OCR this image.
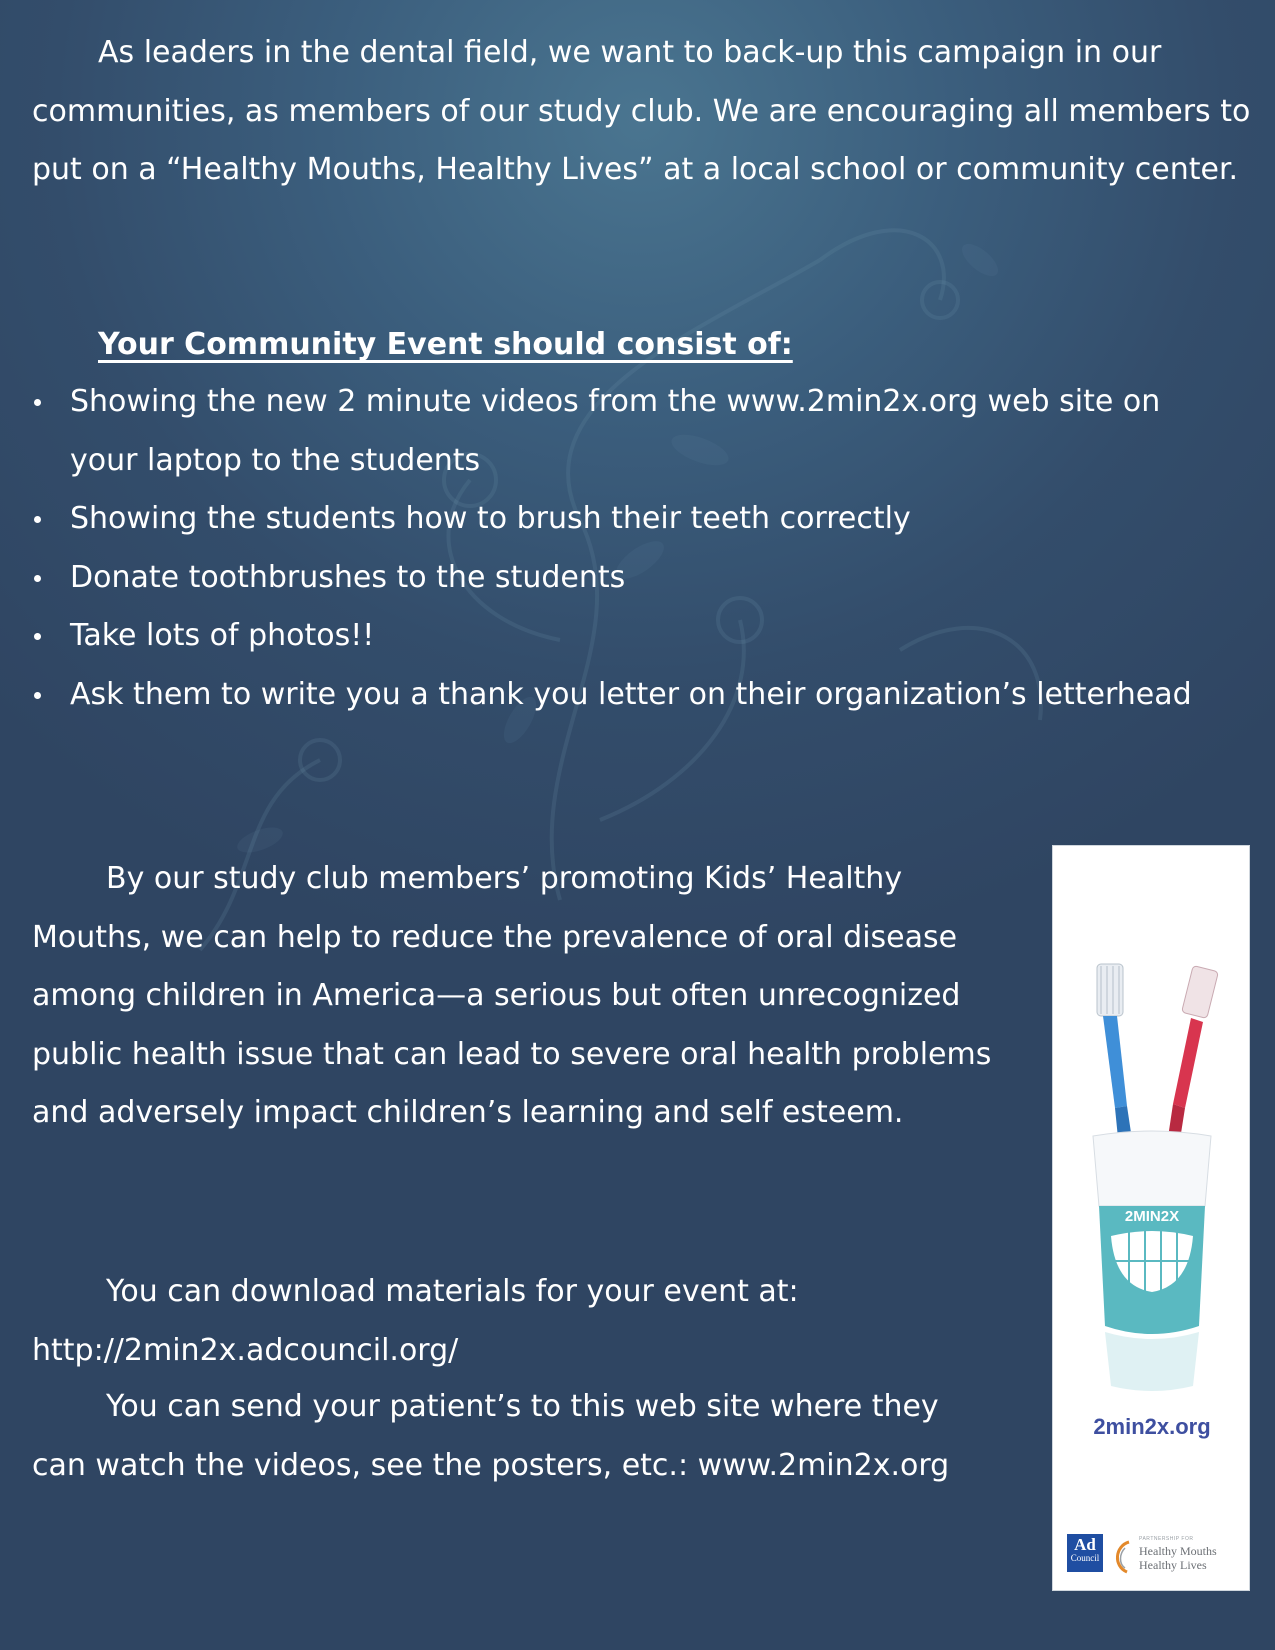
As leaders in the dental field, we want to back-up this campaign in our communities, as members of our study club. We are encouraging all members to put on a “Healthy Mouths, Healthy Lives” at a local school or community center.

Your Community Event should consist of:
Showing the new 2 minute videos from the www.2min2x.org web site on your laptop to the students
Showing the students how to brush their teeth correctly
Donate toothbrushes to the students
Take lots of photos!!
Ask them to write you a thank you letter on their organization’s letterhead

By our study club members’ promoting Kids’ Healthy Mouths, we can help to reduce the prevalence of oral disease among children in America—a serious but often unrecognized public health issue that can lead to severe oral health problems and adversely impact children’s learning and self esteem.

You can download materials for your event at: http://2min2x.adcouncil.org/

You can send your patient’s to this web site where they can watch the videos, see the posters, etc.: www.2min2x.org

2MIN2X
2min2x.org
Ad
Council
PARTNERSHIP FOR
Healthy Mouths
Healthy Lives
